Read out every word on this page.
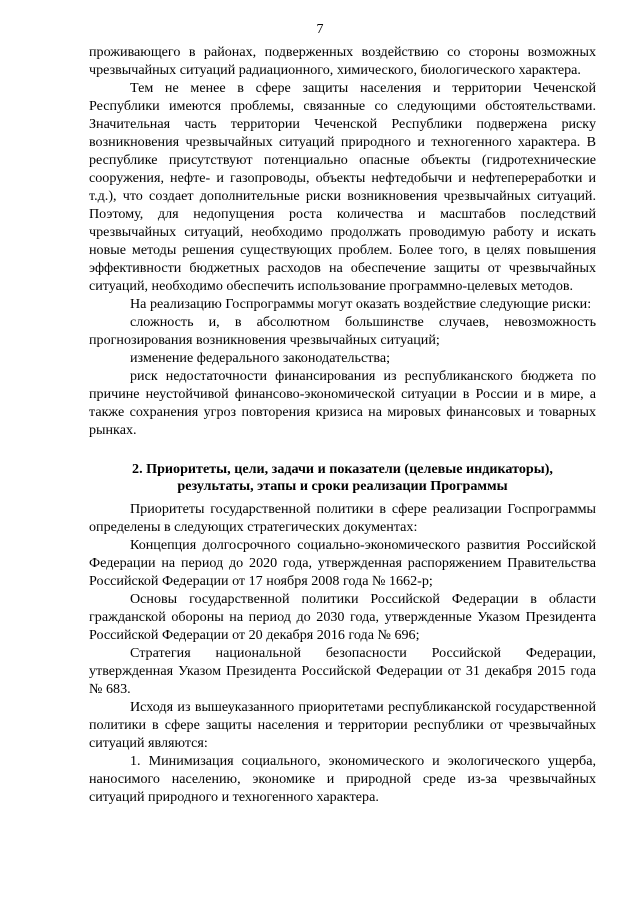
7

проживающего в районах, подверженных воздействию со стороны возможных чрезвычайных ситуаций радиационного, химического, биологического характера.

Тем не менее в сфере защиты населения и территории Чеченской Республики имеются проблемы, связанные со следующими обстоятельствами. Значительная часть территории Чеченской Республики подвержена риску возникновения чрезвычайных ситуаций природного и техногенного характера. В республике присутствуют потенциально опасные объекты (гидротехнические сооружения, нефте- и газопроводы, объекты нефтедобычи и нефтепереработки и т.д.), что создает дополнительные риски возникновения чрезвычайных ситуаций. Поэтому, для недопущения роста количества и масштабов последствий чрезвычайных ситуаций, необходимо продолжать проводимую работу и искать новые методы решения существующих проблем. Более того, в целях повышения эффективности бюджетных расходов на обеспечение защиты от чрезвычайных ситуаций, необходимо обеспечить использование программно-целевых методов.

На реализацию Госпрограммы могут оказать воздействие следующие риски:

сложность и, в абсолютном большинстве случаев, невозможность прогнозирования возникновения чрезвычайных ситуаций;

изменение федерального законодательства;

риск недостаточности финансирования из республиканского бюджета по причине неустойчивой финансово-экономической ситуации в России и в мире, а также сохранения угроз повторения кризиса на мировых финансовых и товарных рынках.

2. Приоритеты, цели, задачи и показатели (целевые индикаторы),
результаты, этапы и сроки реализации Программы

Приоритеты государственной политики в сфере реализации Госпрограммы определены в следующих стратегических документах:

Концепция долгосрочного социально-экономического развития Российской Федерации на период до 2020 года, утвержденная распоряжением Правительства Российской Федерации от 17 ноября 2008 года № 1662-р;

Основы государственной политики Российской Федерации в области гражданской обороны на период до 2030 года, утвержденные Указом Президента Российской Федерации от 20 декабря 2016 года № 696;

Стратегия национальной безопасности Российской Федерации, утвержденная Указом Президента Российской Федерации от 31 декабря 2015 года № 683.

Исходя из вышеуказанного приоритетами республиканской государственной политики в сфере защиты населения и территории республики от чрезвычайных ситуаций являются:

1. Минимизация социального, экономического и экологического ущерба, наносимого населению, экономике и природной среде из-за чрезвычайных ситуаций природного и техногенного характера.
